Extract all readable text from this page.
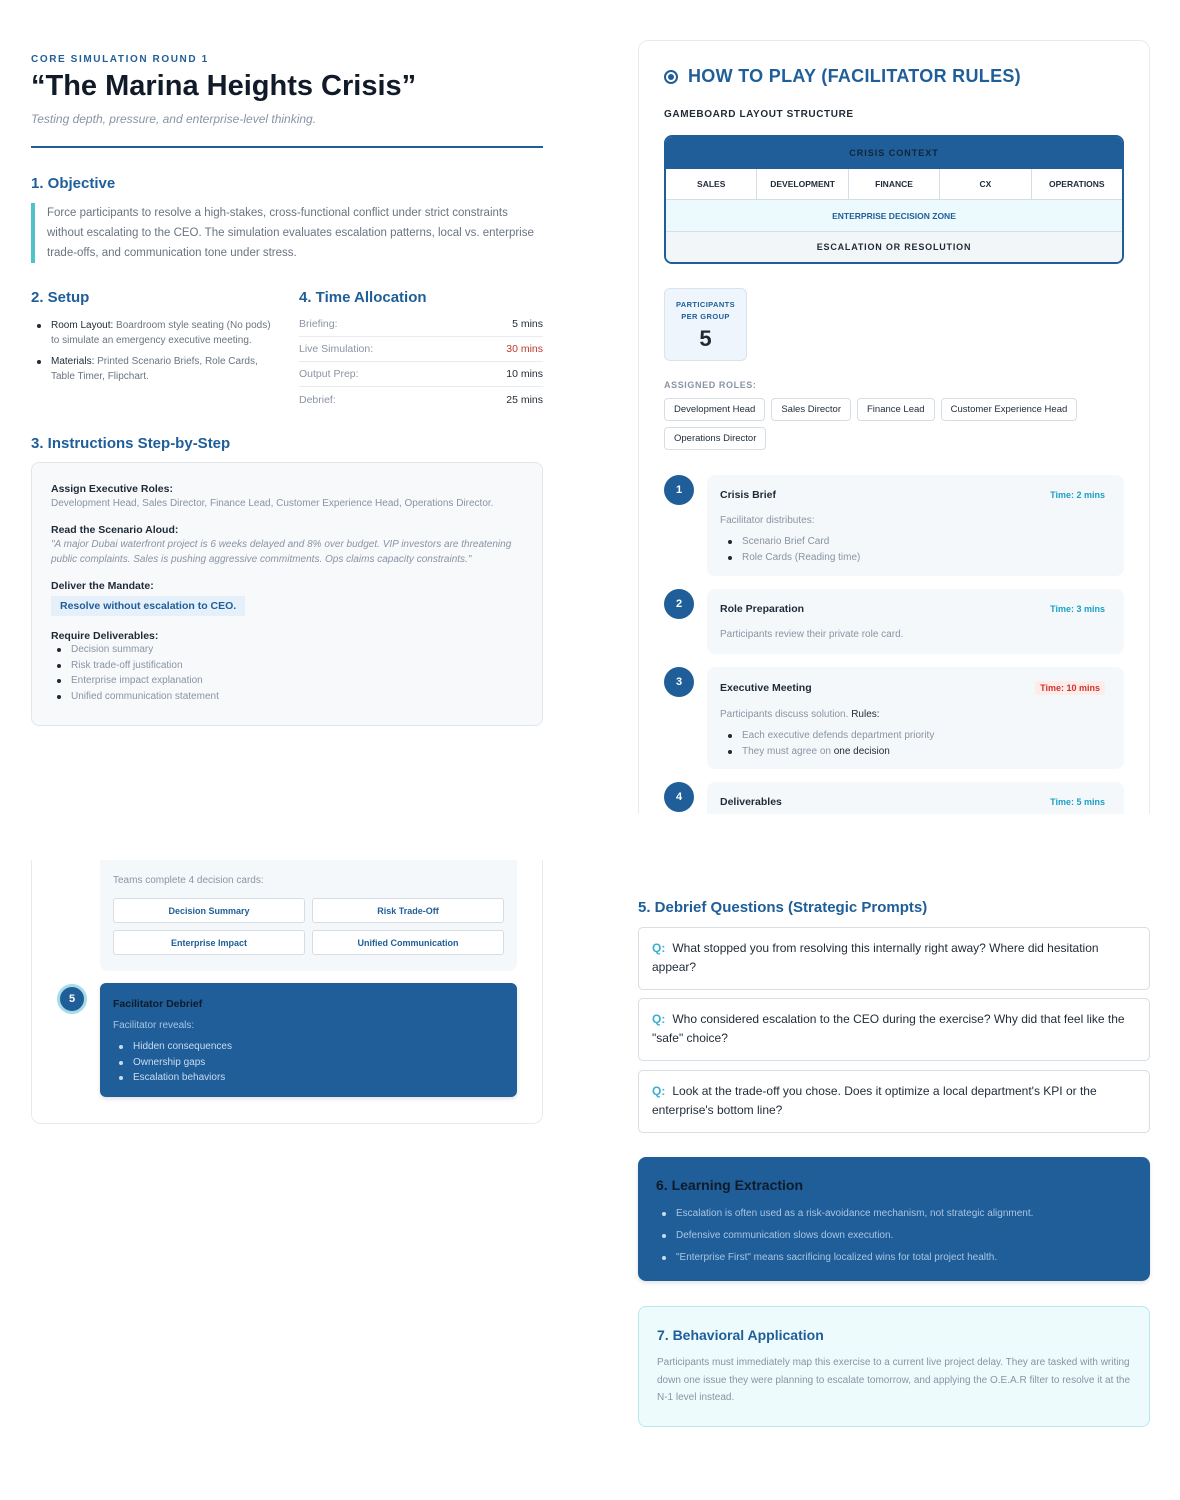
CORE SIMULATION ROUND 1
“The Marina Heights Crisis”
Testing depth, pressure, and enterprise-level thinking.
1. Objective
Force participants to resolve a high-stakes, cross-functional conflict under strict constraints without escalating to the CEO. The simulation evaluates escalation patterns, local vs. enterprise trade-offs, and communication tone under stress.
2. Setup
Room Layout: Boardroom style seating (No pods) to simulate an emergency executive meeting.
Materials: Printed Scenario Briefs, Role Cards, Table Timer, Flipchart.
4. Time Allocation
Briefing:	5 mins
Live Simulation:	30 mins
Output Prep:	10 mins
Debrief:	25 mins
3. Instructions Step-by-Step
Assign Executive Roles:
Development Head, Sales Director, Finance Lead, Customer Experience Head, Operations Director.
Read the Scenario Aloud:
"A major Dubai waterfront project is 6 weeks delayed and 8% over budget. VIP investors are threatening public complaints. Sales is pushing aggressive commitments. Ops claims capacity constraints."
Deliver the Mandate:
Resolve without escalation to CEO.
Require Deliverables:
Decision summary
Risk trade-off justification
Enterprise impact explanation
Unified communication statement
HOW TO PLAY (FACILITATOR RULES)
GAMEBOARD LAYOUT STRUCTURE
CRISIS CONTEXT
SALES	DEVELOPMENT	FINANCE	CX	OPERATIONS
ENTERPRISE DECISION ZONE
ESCALATION OR RESOLUTION
PARTICIPANTS
PER GROUP
5
ASSIGNED ROLES:
Development Head	Sales Director	Finance Lead	Customer Experience Head
Operations Director
1	Crisis Brief	Time: 2 mins
Facilitator distributes:
Scenario Brief Card
Role Cards (Reading time)
2	Role Preparation	Time: 3 mins
Participants review their private role card.
3	Executive Meeting	Time: 10 mins
Participants discuss solution. Rules:
Each executive defends department priority
They must agree on one decision
4	Deliverables	Time: 5 mins
Teams complete 4 decision cards:
Decision Summary	Risk Trade-Off
Enterprise Impact	Unified Communication
5	Facilitator Debrief
Facilitator reveals:
Hidden consequences
Ownership gaps
Escalation behaviors
5. Debrief Questions (Strategic Prompts)
Q: What stopped you from resolving this internally right away? Where did hesitation appear?
Q: Who considered escalation to the CEO during the exercise? Why did that feel like the "safe" choice?
Q: Look at the trade-off you chose. Does it optimize a local department's KPI or the enterprise's bottom line?
6. Learning Extraction
Escalation is often used as a risk-avoidance mechanism, not strategic alignment.
Defensive communication slows down execution.
"Enterprise First" means sacrificing localized wins for total project health.
7. Behavioral Application
Participants must immediately map this exercise to a current live project delay. They are tasked with writing down one issue they were planning to escalate tomorrow, and applying the O.E.A.R filter to resolve it at the N-1 level instead.
